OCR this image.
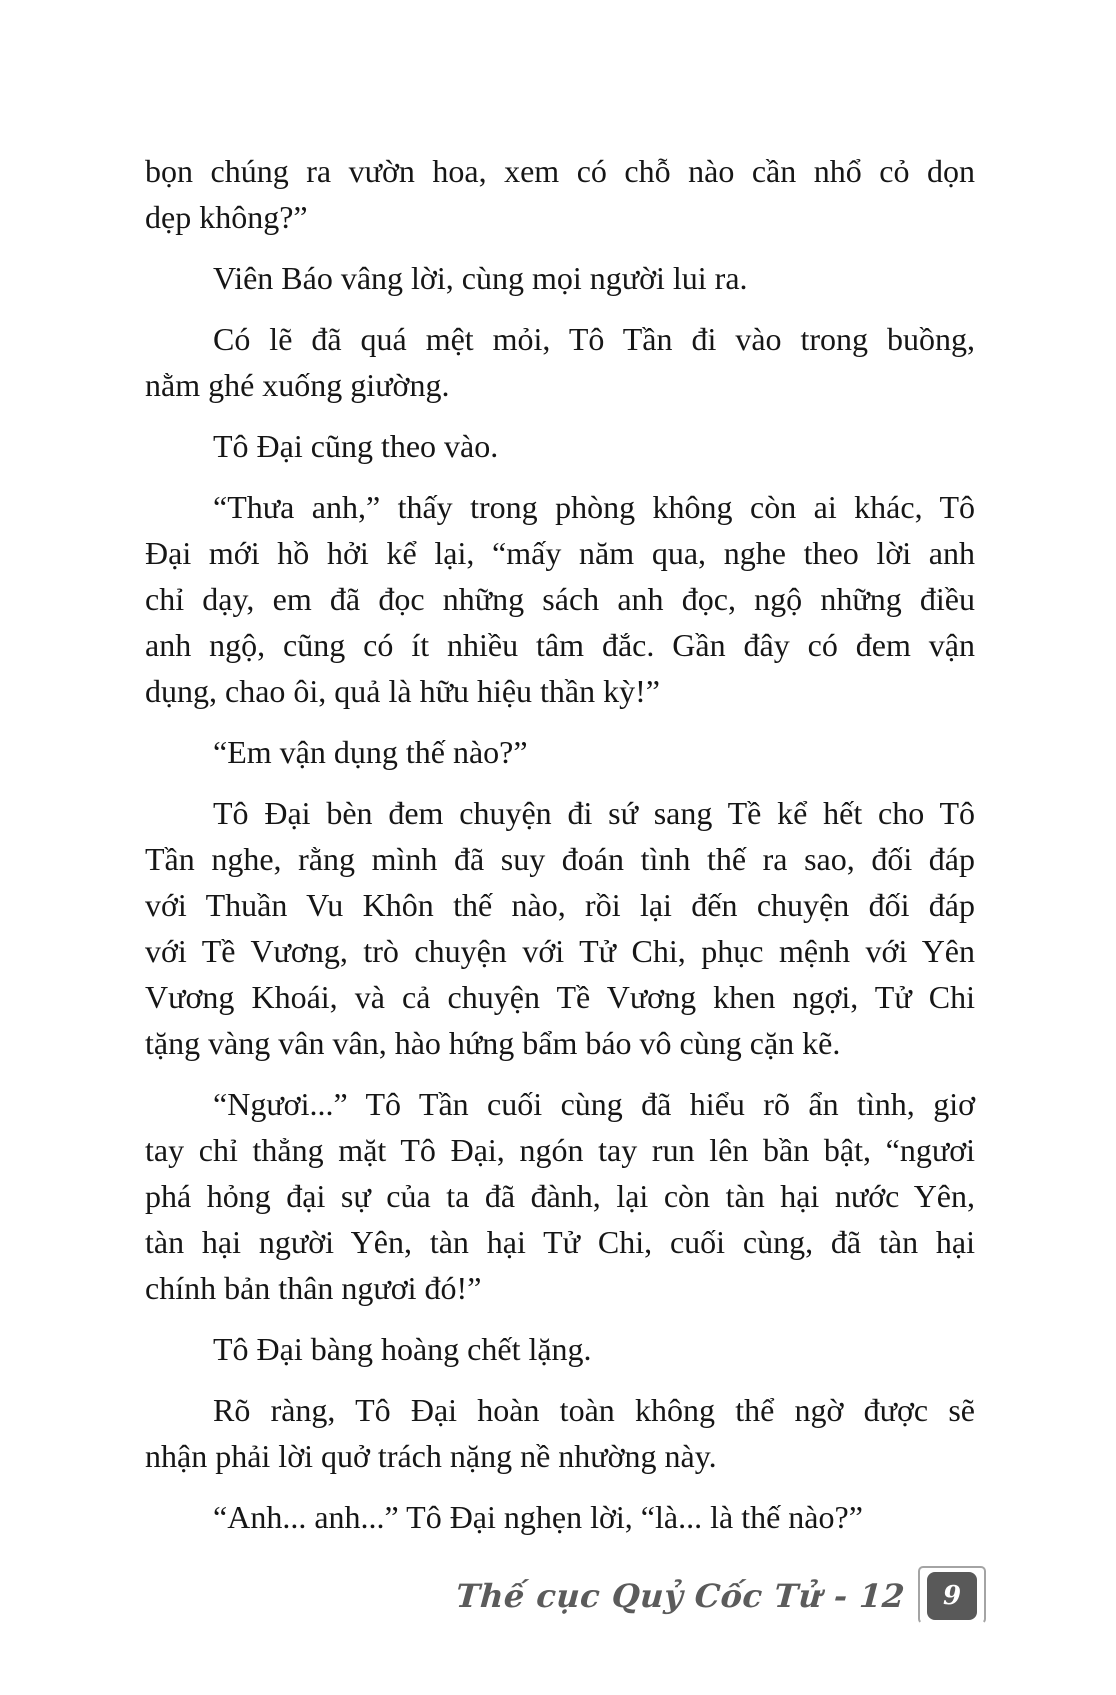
bọn chúng ra vườn hoa, xem có chỗ nào cần nhổ cỏ dọn
dẹp không?”

Viên Báo vâng lời, cùng mọi người lui ra.

Có lẽ đã quá mệt mỏi, Tô Tần đi vào trong buồng,
nằm ghé xuống giường.

Tô Đại cũng theo vào.

“Thưa anh,” thấy trong phòng không còn ai khác, Tô
Đại mới hồ hởi kể lại, “mấy năm qua, nghe theo lời anh
chỉ dạy, em đã đọc những sách anh đọc, ngộ những điều
anh ngộ, cũng có ít nhiều tâm đắc. Gần đây có đem vận
dụng, chao ôi, quả là hữu hiệu thần kỳ!”

“Em vận dụng thế nào?”

Tô Đại bèn đem chuyện đi sứ sang Tề kể hết cho Tô
Tần nghe, rằng mình đã suy đoán tình thế ra sao, đối đáp
với Thuần Vu Khôn thế nào, rồi lại đến chuyện đối đáp
với Tề Vương, trò chuyện với Tử Chi, phục mệnh với Yên
Vương Khoái, và cả chuyện Tề Vương khen ngợi, Tử Chi
tặng vàng vân vân, hào hứng bẩm báo vô cùng cặn kẽ.

“Ngươi...” Tô Tần cuối cùng đã hiểu rõ ẩn tình, giơ
tay chỉ thẳng mặt Tô Đại, ngón tay run lên bần bật, “ngươi
phá hỏng đại sự của ta đã đành, lại còn tàn hại nước Yên,
tàn hại người Yên, tàn hại Tử Chi, cuối cùng, đã tàn hại
chính bản thân ngươi đó!”

Tô Đại bàng hoàng chết lặng.

Rõ ràng, Tô Đại hoàn toàn không thể ngờ được sẽ
nhận phải lời quở trách nặng nề nhường này.

“Anh... anh...” Tô Đại nghẹn lời, “là... là thế nào?”

Thế cục Quỷ Cốc Tử - 12 9
